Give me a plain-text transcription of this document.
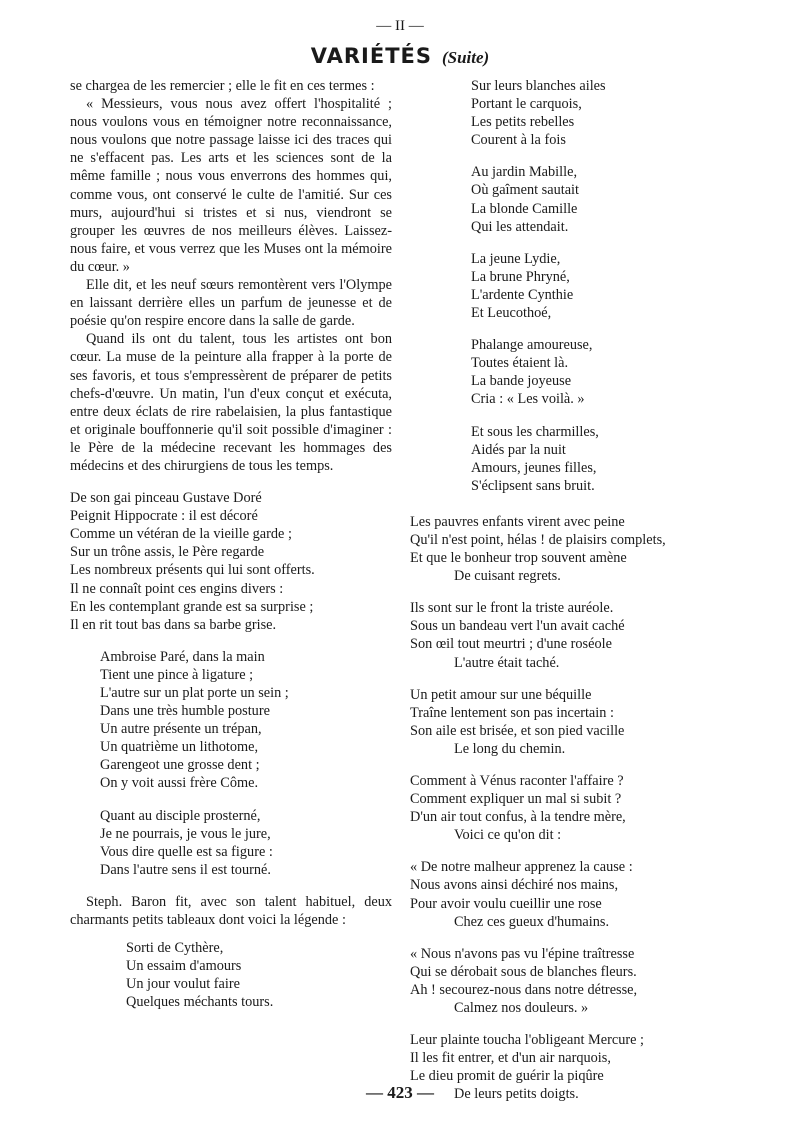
— II —
VARIÉTÉS (Suite)

se chargea de les remercier ; elle le fit en ces termes :

« Messieurs, vous nous avez offert l'hospitalité ; nous voulons vous en témoigner notre reconnaissance, nous voulons que notre passage laisse ici des traces qui ne s'effacent pas. Les arts et les sciences sont de la même famille ; nous vous enverrons des hommes qui, comme vous, ont conservé le culte de l'amitié. Sur ces murs, aujourd'hui si tristes et si nus, viendront se grouper les œuvres de nos meilleurs élèves. Laissez-nous faire, et vous verrez que les Muses ont la mémoire du cœur. »

Elle dit, et les neuf sœurs remontèrent vers l'Olympe en laissant derrière elles un parfum de jeunesse et de poésie qu'on respire encore dans la salle de garde.

Quand ils ont du talent, tous les artistes ont bon cœur. La muse de la peinture alla frapper à la porte de ses favoris, et tous s'empressèrent de préparer de petits chefs-d'œuvre. Un matin, l'un d'eux conçut et exécuta, entre deux éclats de rire rabelaisien, la plus fantastique et originale bouffonnerie qu'il soit possible d'imaginer : le Père de la médecine recevant les hommages des médecins et des chirurgiens de tous les temps.

De son gai pinceau Gustave Doré
Peignit Hippocrate : il est décoré
Comme un vétéran de la vieille garde ;
Sur un trône assis, le Père regarde
Les nombreux présents qui lui sont offerts.
Il ne connaît point ces engins divers :
En les contemplant grande est sa surprise ;
Il en rit tout bas dans sa barbe grise.
Ambroise Paré, dans la main
Tient une pince à ligature ;
L'autre sur un plat porte un sein ;
Dans une très humble posture
Un autre présente un trépan,
Un quatrième un lithotome,
Garengeot une grosse dent ;
On y voit aussi frère Côme.
Quant au disciple prosterné,
Je ne pourrais, je vous le jure,
Vous dire quelle est sa figure :
Dans l'autre sens il est tourné.

Steph. Baron fit, avec son talent habituel, deux charmants petits tableaux dont voici la légende :

Sorti de Cythère,
Un essaim d'amours
Un jour voulut faire
Quelques méchants tours.
Sur leurs blanches ailes
Portant le carquois,
Les petits rebelles
Courent à la fois
Au jardin Mabille,
Où gaîment sautait
La blonde Camille
Qui les attendait.
La jeune Lydie,
La brune Phryné,
L'ardente Cynthie
Et Leucothoé,
Phalange amoureuse,
Toutes étaient là.
La bande joyeuse
Cria : « Les voilà. »
Et sous les charmilles,
Aidés par la nuit
Amours, jeunes filles,
S'éclipsent sans bruit.
Les pauvres enfants virent avec peine
Qu'il n'est point, hélas ! de plaisirs complets,
Et que le bonheur trop souvent amène
De cuisant regrets.
Ils sont sur le front la triste auréole.
Sous un bandeau vert l'un avait caché
Son œil tout meurtri ; d'une roséole
L'autre était taché.
Un petit amour sur une béquille
Traîne lentement son pas incertain :
Son aile est brisée, et son pied vacille
Le long du chemin.
Comment à Vénus raconter l'affaire ?
Comment expliquer un mal si subit ?
D'un air tout confus, à la tendre mère,
Voici ce qu'on dit :
« De notre malheur apprenez la cause :
Nous avons ainsi déchiré nos mains,
Pour avoir voulu cueillir une rose
Chez ces gueux d'humains.
« Nous n'avons pas vu l'épine traîtresse
Qui se dérobait sous de blanches fleurs.
Ah ! secourez-nous dans notre détresse,
Calmez nos douleurs. »
Leur plainte toucha l'obligeant Mercure ;
Il les fit entrer, et d'un air narquois,
Le dieu promit de guérir la piqûre
De leurs petits doigts.
— 423 —
